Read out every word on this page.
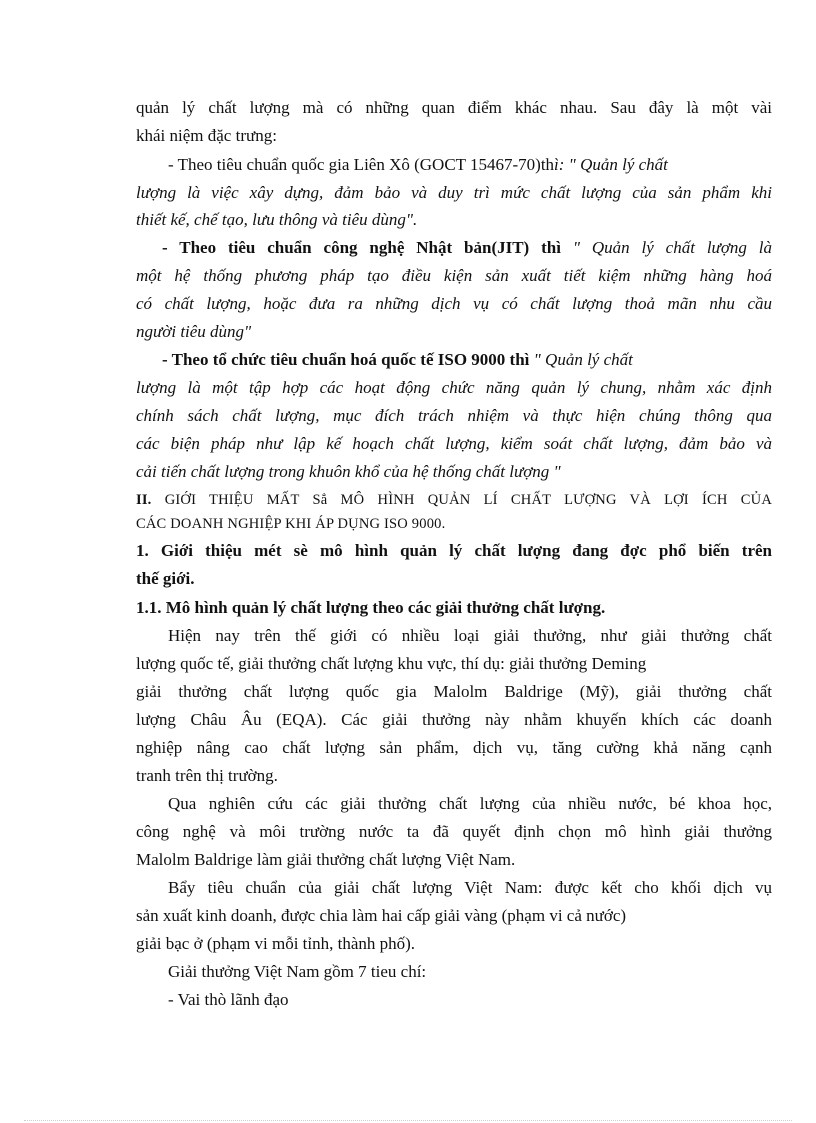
quản lý chất lượng mà có những quan điểm khác nhau. Sau đây là một vài

khái niệm đặc trưng:

- Theo tiêu chuẩn quốc gia Liên Xô (GOCT 15467-70)thì: " Quản lý chất

lượng là việc xây dựng, đảm bảo và duy trì mức chất lượng của sản phẩm khi

thiết kế, chế tạo, lưu thông và tiêu dùng".

- Theo tiêu chuẩn công nghệ Nhật bản(JIT) thì " Quản lý chất lượng là

một hệ thống phương pháp tạo điều kiện sản xuất tiết kiệm những hàng hoá

có chất lượng, hoặc đưa ra những dịch vụ có chất lượng thoả mãn nhu cầu

người tiêu dùng"

- Theo tổ chức tiêu chuẩn hoá quốc tế ISO 9000 thì " Quản lý chất

lượng là một tập hợp các hoạt động chức năng quản lý chung, nhằm xác định

chính sách chất lượng, mục đích trách nhiệm và thực hiện chúng thông qua

các biện pháp như lập kế hoạch chất lượng, kiểm soát chất lượng, đảm bảo và

cải tiến chất lượng trong khuôn khổ của hệ thống chất lượng "

II. GIỚI THIỆU MẤT Sẳ MÔ HÌNH QUẢN LÍ CHẤT LƯỢNG VÀ LỢI ÍCH CỦA

CÁC DOANH NGHIỆP KHI ÁP DỤNG ISO 9000.

1. Giới thiệu mét sè mô hình quản lý chất lượng đang đợc phổ biến trên

thế giới.

1.1. Mô hình quản lý chất lượng theo các giải thưởng chất lượng.

Hiện nay trên thế giới có nhiều loại giải thưởng, như giải thưởng chất

lượng quốc tế, giải thưởng chất lượng khu vực, thí dụ: giải thưởng Deming

giải thưởng chất lượng quốc gia Malolm Baldrige (Mỹ), giải thưởng chất

lượng Châu Âu (EQA). Các giải thưởng này nhằm khuyến khích các doanh

nghiệp nâng cao chất lượng sản phẩm, dịch vụ, tăng cường khả năng cạnh

tranh trên thị trường.

Qua nghiên cứu các giải thưởng chất lượng của nhiều nước, bé khoa học,

công nghệ và môi trường nước ta đã quyết định chọn mô hình giải thưởng

Malolm Baldrige làm giải thưởng chất lượng Việt Nam.

Bẩy tiêu chuẩn của giải chất lượng Việt Nam: được kết cho khối dịch vụ

sản xuất kinh doanh, được chia làm hai cấp giải vàng (phạm vi cả nước)

giải bạc ở (phạm vi mỗi tỉnh, thành phố).

Giải thưởng Việt Nam gồm 7 tieu chí:

- Vai thò lãnh đạo
